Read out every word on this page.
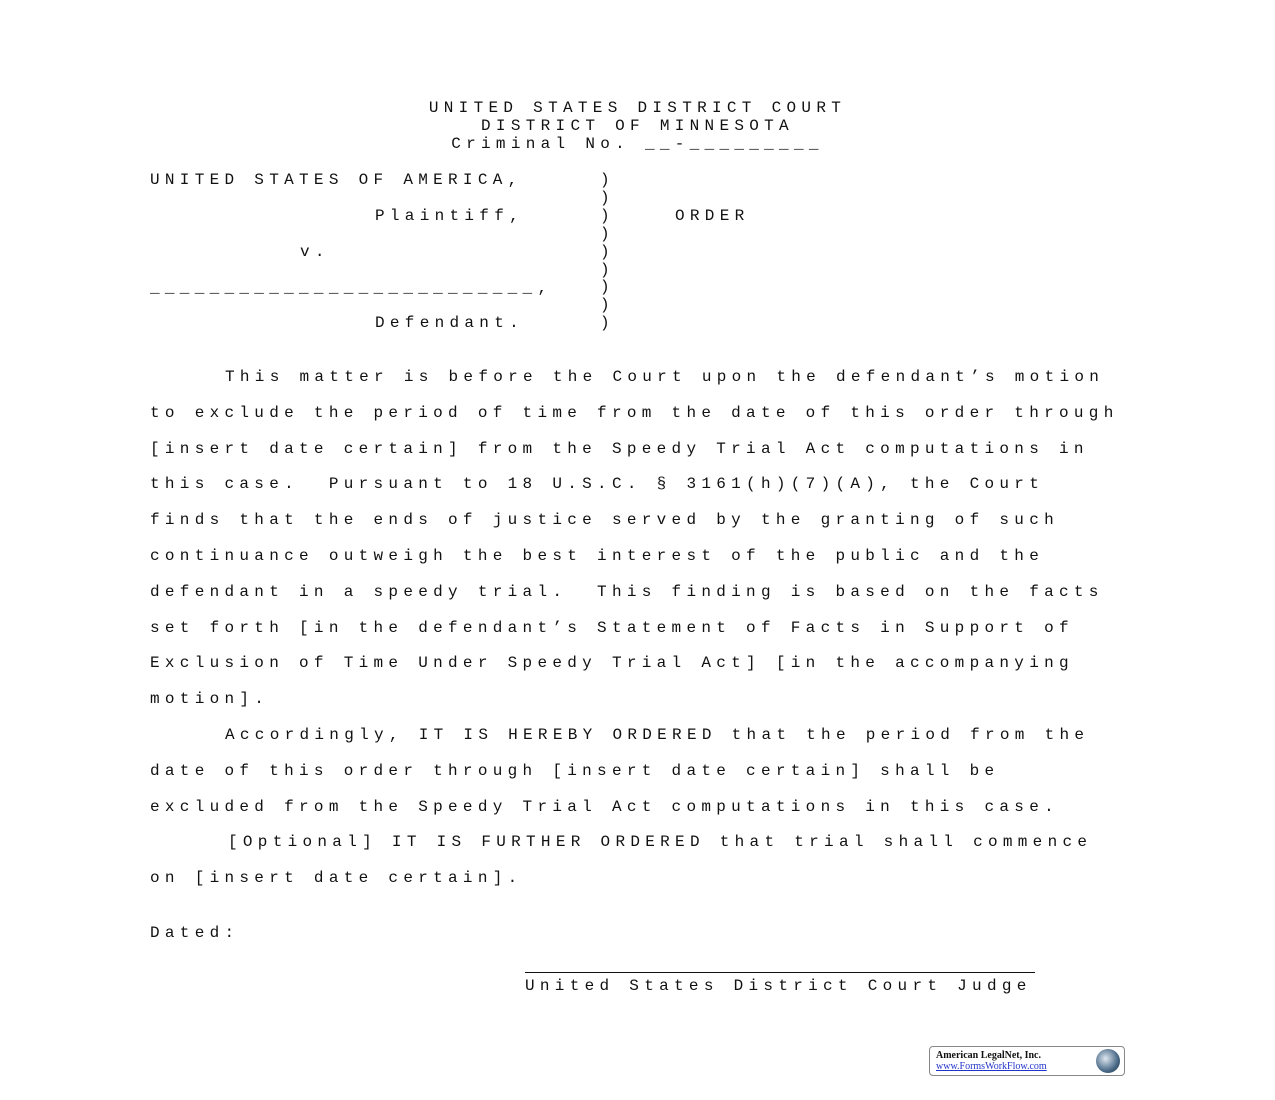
UNITED STATES DISTRICT COURT
DISTRICT OF MINNESOTA
Criminal No. __-_________
UNITED STATES OF AMERICA,
Plaintiff,
v.
__________________________,
Defendant.
ORDER
)
)
)
)
)
)
)
)
)
This matter is before the Court upon the defendant’s motion
to exclude the period of time from the date of this order through
[insert date certain] from the Speedy Trial Act computations in
this case.  Pursuant to 18 U.S.C. § 3161(h)(7)(A), the Court
finds that the ends of justice served by the granting of such
continuance outweigh the best interest of the public and the
defendant in a speedy trial.  This finding is based on the facts
set forth [in the defendant’s Statement of Facts in Support of
Exclusion of Time Under Speedy Trial Act] [in the accompanying
motion].
Accordingly, IT IS HEREBY ORDERED that the period from the
date of this order through [insert date certain] shall be
excluded from the Speedy Trial Act computations in this case.
[Optional] IT IS FURTHER ORDERED that trial shall commence
on [insert date certain].
Dated:
United States District Court Judge
American LegalNet, Inc.
www.FormsWorkFlow.com
